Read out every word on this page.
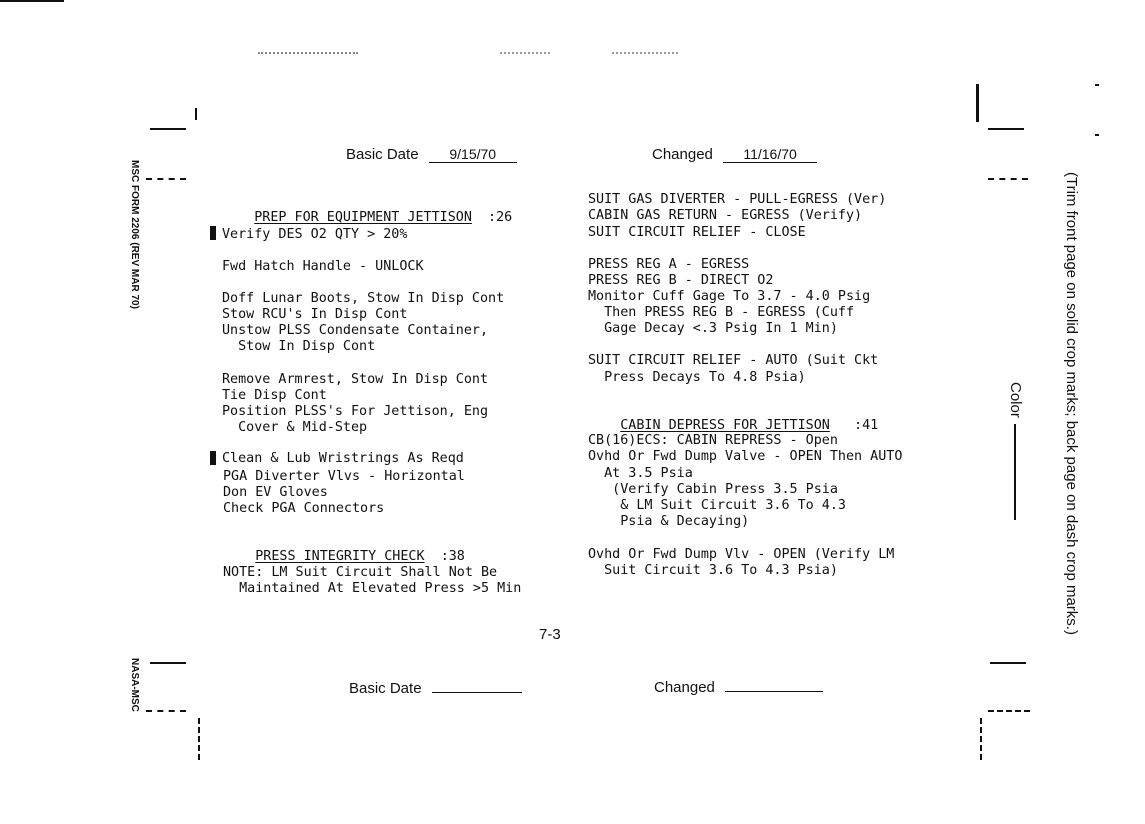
MSC FORM 2206 (REV MAR 70)
NASA-MSC
Color	(Trim front page on solid crop marks; back page on dash crop marks.)
Basic Date 9/15/70	Changed 11/16/70

PREP FOR EQUIPMENT JETTISON :26

Verify DES O2 QTY > 20%

Fwd Hatch Handle - UNLOCK

Doff Lunar Boots, Stow In Disp Cont

Stow RCU's In Disp Cont

Unstow PLSS Condensate Container,

Stow In Disp Cont

Remove Armrest, Stow In Disp Cont

Tie Disp Cont

Position PLSS's For Jettison, Eng

Cover & Mid-Step

Clean & Lub Wristrings As Reqd

PGA Diverter Vlvs - Horizontal

Don EV Gloves

Check PGA Connectors

PRESS INTEGRITY CHECK :38

NOTE: LM Suit Circuit Shall Not Be

Maintained At Elevated Press >5 Min

SUIT GAS DIVERTER - PULL-EGRESS (Ver)

CABIN GAS RETURN - EGRESS (Verify)

SUIT CIRCUIT RELIEF - CLOSE

PRESS REG A - EGRESS

PRESS REG B - DIRECT O2

Monitor Cuff Gage To 3.7 - 4.0 Psig

Then PRESS REG B - EGRESS (Cuff

Gage Decay <.3 Psig In 1 Min)

SUIT CIRCUIT RELIEF - AUTO (Suit Ckt

Press Decays To 4.8 Psia)

CABIN DEPRESS FOR JETTISON :41

CB(16)ECS: CABIN REPRESS - Open

Ovhd Or Fwd Dump Valve - OPEN Then AUTO

At 3.5 Psia

(Verify Cabin Press 3.5 Psia

& LM Suit Circuit 3.6 To 4.3

Psia & Decaying)

Ovhd Or Fwd Dump Vlv - OPEN (Verify LM

Suit Circuit 3.6 To 4.3 Psia)

7-3
Basic Date	Changed
